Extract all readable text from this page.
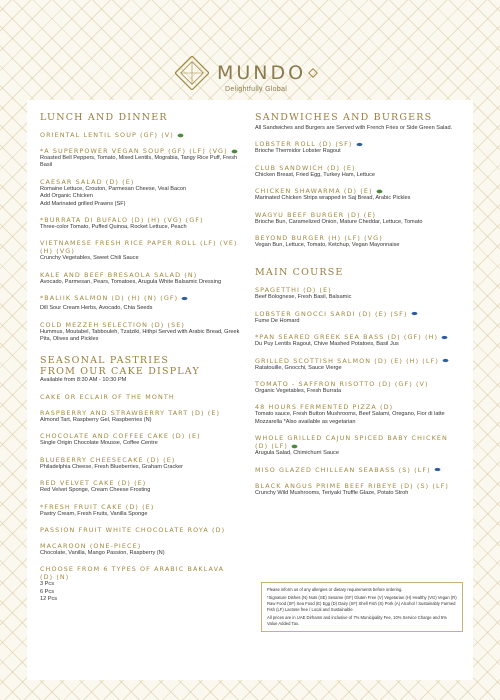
MUNDO
Delightfully Global
LUNCH AND DINNER
ORIENTAL LENTIL SOUP (GF) (V)
*A SUPERPOWER VEGAN SOUP (GF) (LF) (VG)
Roasted Bell Peppers, Tomato, Mixed Lentils, Mograbia, Tangy Rice Puff, Fresh Basil
CAESAR SALAD (D) (E)
Romaine Lettuce, Crouton, Parmesan Cheese, Veal Bacon
Add Organic Chicken
Add Marinated grilled Prawns (SF)
*BURRATA DI BUFALO (D) (H) (VG) (GF)
Three-color Tomato, Puffed Quinoa, Rocket Lettuce, Peach
VIETNAMESE FRESH RICE PAPER ROLL (LF) (VE) (H) (VG)
Crunchy Vegetables, Sweet Chili Sauce
KALE AND BEEF BRESAOLA SALAD (N)
Avocado, Parmesan, Pears, Tomatoes, Arugula White Balsamic Dressing
*BALIIK SALMON (D) (H) (N) (GF)
Dill Sour Cream Herbs, Avocado, Chia Seeds
COLD MEZZEH SELECTION (D) (SE)
Hummus, Moutabel, Tabbouleh, Tzatziki, Hithpi Served with Arabic Bread, Greek Pita, Olives and Pickles
SEASONAL PASTRIES
FROM OUR CAKE DISPLAY
Available from 8:30 AM - 10:30 PM
CAKE OR ECLAIR OF THE MONTH
RASPBERRY AND STRAWBERRY TART (D) (E)
Almond Tart, Raspberry Gel, Raspberries (N)
CHOCOLATE AND COFFEE CAKE (D) (E)
Single Origin Chocolate Mousse, Coffee Centre
BLUEBERRY CHEESECAKE (D) (E)
Philadelphia Cheese, Fresh Blueberries, Graham Cracker
RED VELVET CAKE (D) (E)
Red Velvet Sponge, Cream Cheese Frosting
*FRESH FRUIT CAKE (D) (E)
Pastry Cream, Fresh Fruits, Vanilla Sponge
PASSION FRUIT WHITE CHOCOLATE ROYA (D)
MACAROON (ONE-PIECE)
Chocolate, Vanilla, Mango Passion, Raspberry (N)
CHOOSE FROM 6 TYPES OF ARABIC BAKLAVA (D) (N)
3 Pcs
6 Pcs
12 Pcs
SANDWICHES AND BURGERS
All Sandwiches and Burgers are Served with French Fries or Side Green Salad.
LOBSTER ROLL (D) (SF)
Brioche Thermidor Lobster Ragout
CLUB SANDWICH (D) (E)
Chicken Breast, Fried Egg, Turkey Ham, Lettuce
CHICKEN SHAWARMA (D) (E)
Marinated Chicken Strips wrapped in Saj Bread, Arabic Pickles
WAGYU BEEF BURGER (D) (E)
Brioche Bun, Caramelized Onion, Mature Cheddar, Lettuce, Tomato
BEYOND BURGER (H) (LF) (VG)
Vegan Bun, Lettuce, Tomato, Ketchup, Vegan Mayonnaise
MAIN COURSE
SPAGETTHI (D) (E)
Beef Bolognese, Fresh Basil, Balsamic
LOBSTER GNOCCI SARDI (D) (E) (SF)
Fume De Homard
*PAN SEARED GREEK SEA BASS (D) (GF) (H)
Du Puy Lentils Ragout, Chive Mashed Potatoes, Basil Jus
GRILLED SCOTTISH SALMON (D) (E) (H) (LF)
Ratatouille, Gnocchi, Sauce Vierge
TOMATO - SAFFRON RISOTTO (D) (GF) (V)
Organic Vegetables, Fresh Burrata
48 HOURS FERMENTED PIZZA (D)
Tomato sauce, Fresh Button Mushrooms, Beef Salami, Oregano, Fior di latte Mozzarella *Also available as vegetarian
WHOLE GRILLED CAJUN SPICED BABY CHICKEN (D) (LF)
Arugula Salad, Chimichurri Sauce
MISO GLAZED CHILLEAN SEABASS (S) (LF)
BLACK ANGUS PRIME BEEF RIBEYE (D) (S) (LF)
Crunchy Wild Mushrooms, Teriyaki Truffle Glaze, Potato Stroh

Please inform us of any allergies or dietary requirements before ordering.

*Signature Dishes (N) Nuts (SE) Sesame (GF) Gluten Free (V) Vegetarian (H) Healthy (VG) Vegan (R) Raw Food (SF) Sea Food (E) Egg (D) Dairy (SF) Shell Fish (S) Pork (A) Alcohol / Sustainably Farmed Fish (LF) Lactose free / Local and Sustainable

All prices are in UAE Dirhams and inclusive of 7% Municipality Fee, 10% Service Charge and 5% Value Added Tax.
